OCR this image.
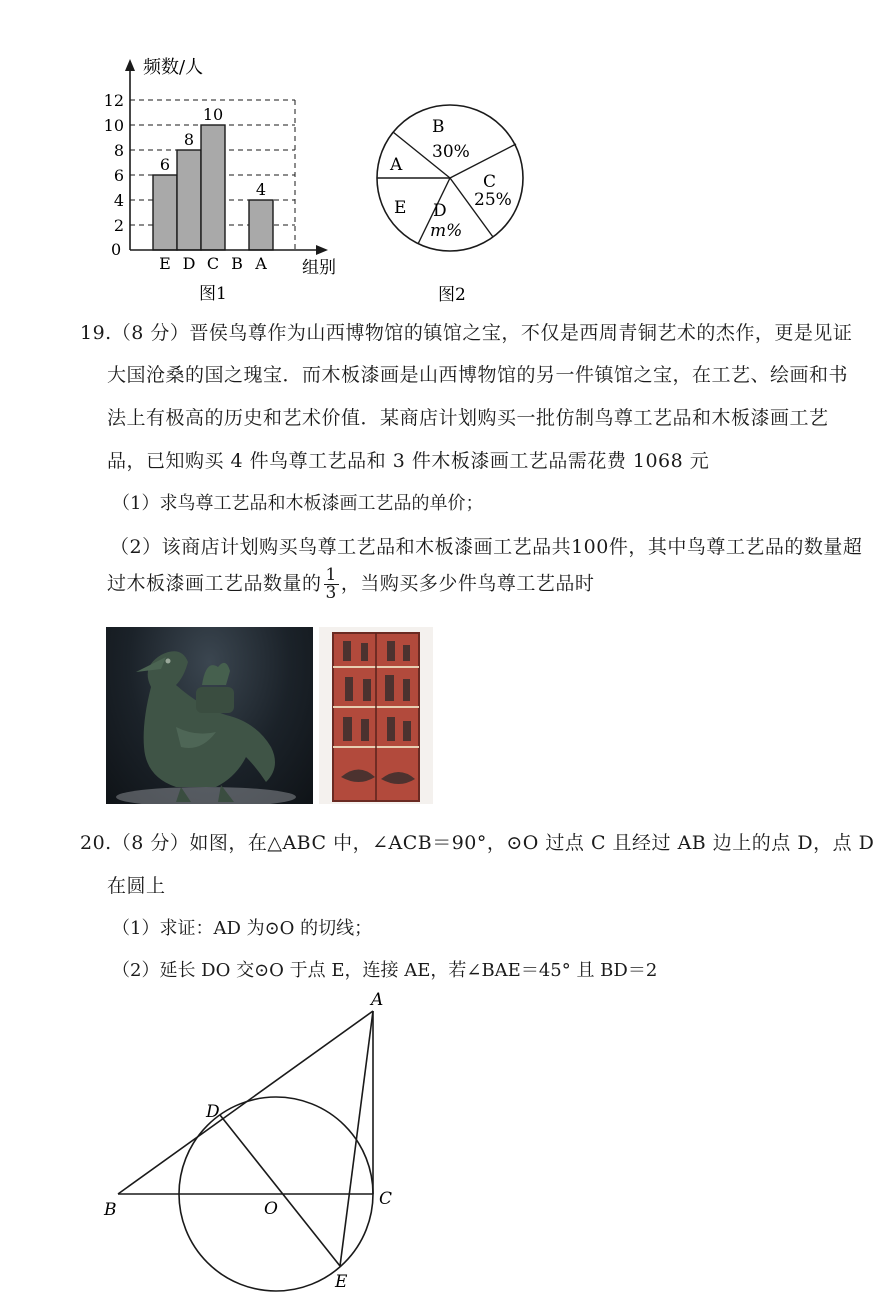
2
4
6
8
10
12
E D C B A
6
8
10
4
频数/人
组别
0
图1
B
30%
A
C
25%
E D
m%
图2
19.（8 分）晋侯鸟尊作为山西博物馆的镇馆之宝，不仅是西周青铜艺术的杰作，更是见证
大国沧桑的国之瑰宝．而木板漆画是山西博物馆的另一件镇馆之宝，在工艺、绘画和书
法上有极高的历史和艺术价值．某商店计划购买一批仿制鸟尊工艺品和木板漆画工艺
品，已知购买 4 件鸟尊工艺品和 3 件木板漆画工艺品需花费 1068 元
（1）求鸟尊工艺品和木板漆画工艺品的单价；
（2）该商店计划购买鸟尊工艺品和木板漆画工艺品共100件，其中鸟尊工艺品的数量超
过木板漆画工艺品数量的 $\frac{1}{3}$ ，当购买多少件鸟尊工艺品时
20.（8 分）如图，在△ABC 中，∠ACB＝90°，⊙O 过点 C 且经过 AB 边上的点 D，点 D
在圆上
（1）求证：AD 为⊙O 的切线；
（2）延长 DO 交⊙O 于点 E，连接 AE，若∠BAE＝45° 且 BD＝2
A
B
C
D
O
E
